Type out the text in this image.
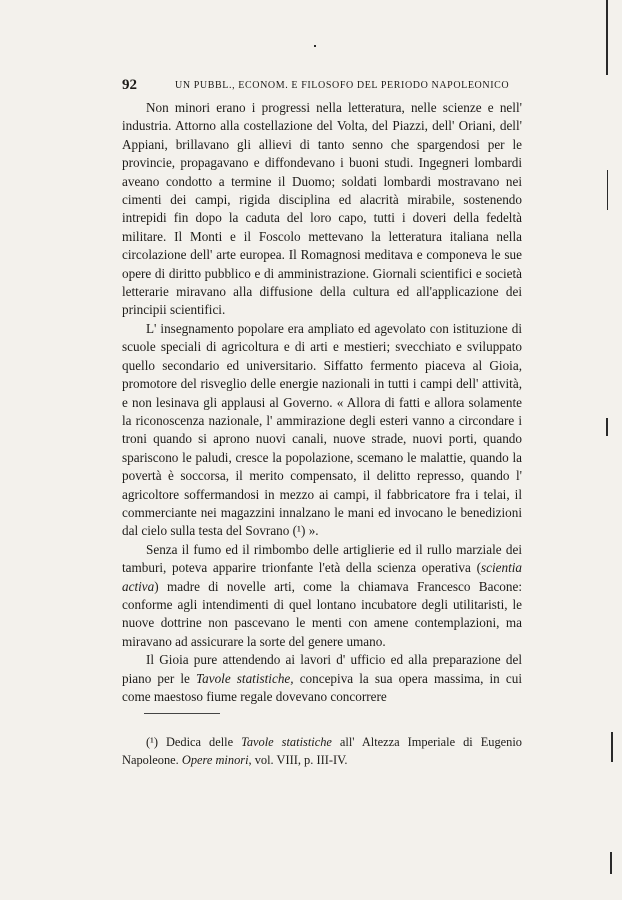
92	UN PUBBL., ECONOM. E FILOSOFO DEL PERIODO NAPOLEONICO

Non minori erano i progressi nella letteratura, nelle scienze e nell' industria. Attorno alla costellazione del Volta, del Piazzi, dell' Oriani, dell' Appiani, brillavano gli allievi di tanto senno che spargendosi per le provincie, propagavano e diffondevano i buoni studi. Ingegneri lombardi aveano condotto a termine il Duomo; soldati lombardi mostravano nei cimenti dei campi, rigida disciplina ed alacrità mirabile, sostenendo intrepidi fin dopo la caduta del loro capo, tutti i doveri della fedeltà militare. Il Monti e il Foscolo mettevano la letteratura italiana nella circolazione dell' arte europea. Il Romagnosi meditava e componeva le sue opere di diritto pubblico e di amministrazione. Giornali scientifici e società letterarie miravano alla diffusione della cultura ed all'applicazione dei principii scientifici.

L' insegnamento popolare era ampliato ed agevolato con istituzione di scuole speciali di agricoltura e di arti e mestieri; svecchiato e sviluppato quello secondario ed universitario. Siffatto fermento piaceva al Gioia, promotore del risveglio delle energie nazionali in tutti i campi dell' attività, e non lesinava gli applausi al Governo. « Allora di fatti e allora solamente la riconoscenza nazionale, l' ammirazione degli esteri vanno a circondare i troni quando si aprono nuovi canali, nuove strade, nuovi porti, quando spariscono le paludi, cresce la popolazione, scemano le malattie, quando la povertà è soccorsa, il merito compensato, il delitto represso, quando l' agricoltore soffermandosi in mezzo ai campi, il fabbricatore fra i telai, il commerciante nei magazzini innalzano le mani ed invocano le benedizioni dal cielo sulla testa del Sovrano (¹) ».

Senza il fumo ed il rimbombo delle artiglierie ed il rullo marziale dei tamburi, poteva apparire trionfante l'età della scienza operativa (scientia activa) madre di novelle arti, come la chiamava Francesco Bacone: conforme agli intendimenti di quel lontano incubatore degli utilitaristi, le nuove dottrine non pascevano le menti con amene contemplazioni, ma miravano ad assicurare la sorte del genere umano.

Il Gioia pure attendendo ai lavori d' ufficio ed alla preparazione del piano per le Tavole statistiche, concepiva la sua opera massima, in cui come maestoso fiume regale dovevano concorrere

(¹) Dedica delle Tavole statistiche all' Altezza Imperiale di Eugenio Napoleone. Opere minori, vol. VIII, p. III-IV.
